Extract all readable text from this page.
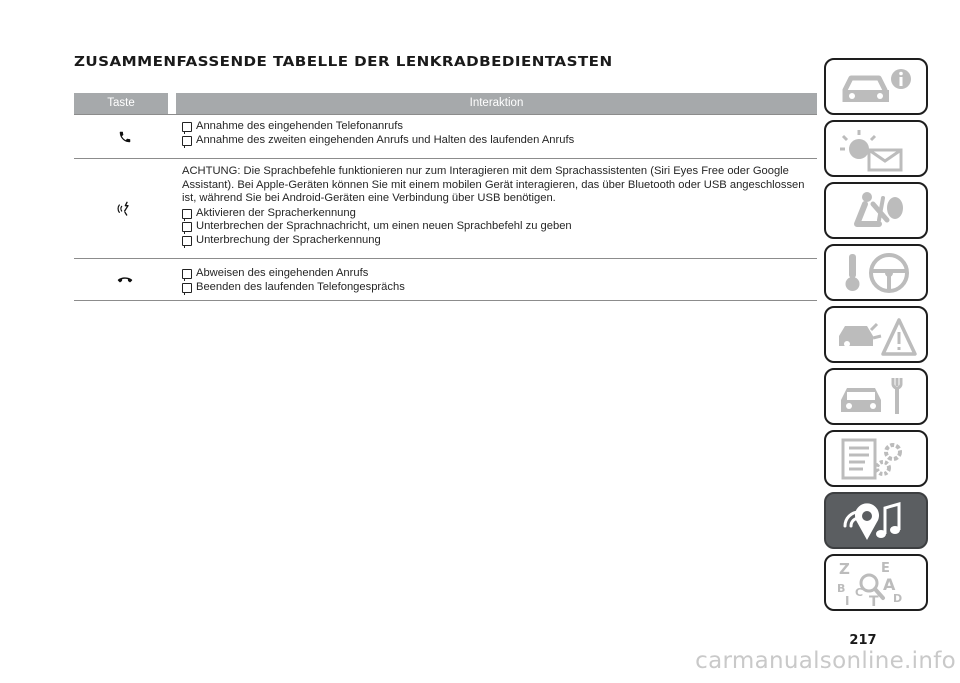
ZUSAMMENFASSENDE TABELLE DER LENKRADBEDIENTASTEN
Taste	Interaktion
Annahme des eingehenden Telefonanrufs
Annahme des zweiten eingehenden Anrufs und Halten des laufenden Anrufs

ACHTUNG: Die Sprachbefehle funktionieren nur zum Interagieren mit dem Sprachassistenten (Siri Eyes Free oder Google Assistant). Bei Apple-Geräten können Sie mit einem mobilen Gerät interagieren, das über Bluetooth oder USB angeschlossen ist, während Sie bei Android-Geräten eine Verbindung über USB benötigen.

Aktivieren der Spracherkennung
Unterbrechen der Sprachnachricht, um einen neuen Sprachbefehl zu geben
Unterbrechung der Spracherkennung
Abweisen des eingehenden Anrufs
Beenden des laufenden Telefongesprächs
Z E
B A
C	D
T
I
217
carmanualsonline.info
